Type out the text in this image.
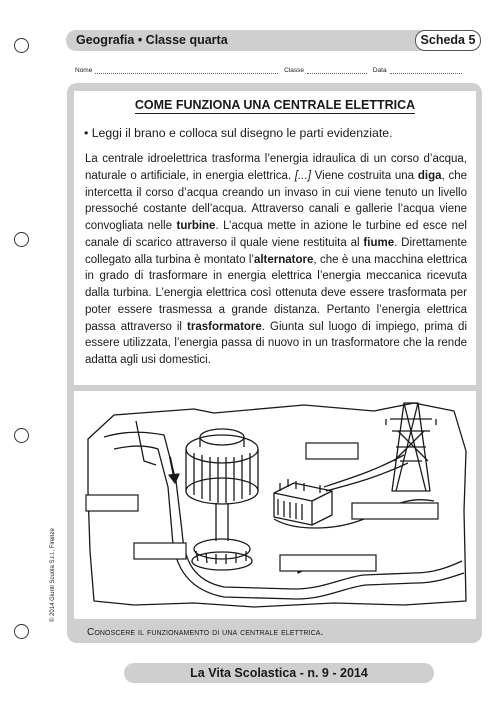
Geografia • Classe quarta	Scheda 5
Nome	Classe	Data
COME FUNZIONA UNA CENTRALE ELETTRICA
• Leggi il brano e colloca sul disegno le parti evidenziate.
La centrale idroelettrica trasforma l’energia idraulica di un corso d’acqua, naturale o artificiale, in energia elettrica. [...] Viene costruita una diga, che intercetta il corso d’acqua creando un invaso in cui viene tenuto un livello pressoché costante dell’acqua. Attraverso canali e gallerie l’acqua viene convogliata nelle turbine. L’acqua mette in azione le turbine ed esce nel canale di scarico attraverso il quale viene restituita al fiume. Direttamente collegato alla turbina è montato l’alternatore, che è una macchina elettrica in grado di trasformare in energia elettrica l’energia meccanica ricevuta dalla turbina. L’energia elettrica così ottenuta deve essere trasformata per poter essere trasmessa a grande distanza. Pertanto l’energia elettrica passa attraverso il trasformatore. Giunta sul luogo di impiego, prima di essere utilizzata, l’energia passa di nuovo in un trasformatore che la rende adatta agli usi domestici.
Conoscere il funzionamento di una centrale elettrica.
© 2014 Giunti Scuola S.r.l., Firenze
La Vita Scolastica - n. 9 - 2014
